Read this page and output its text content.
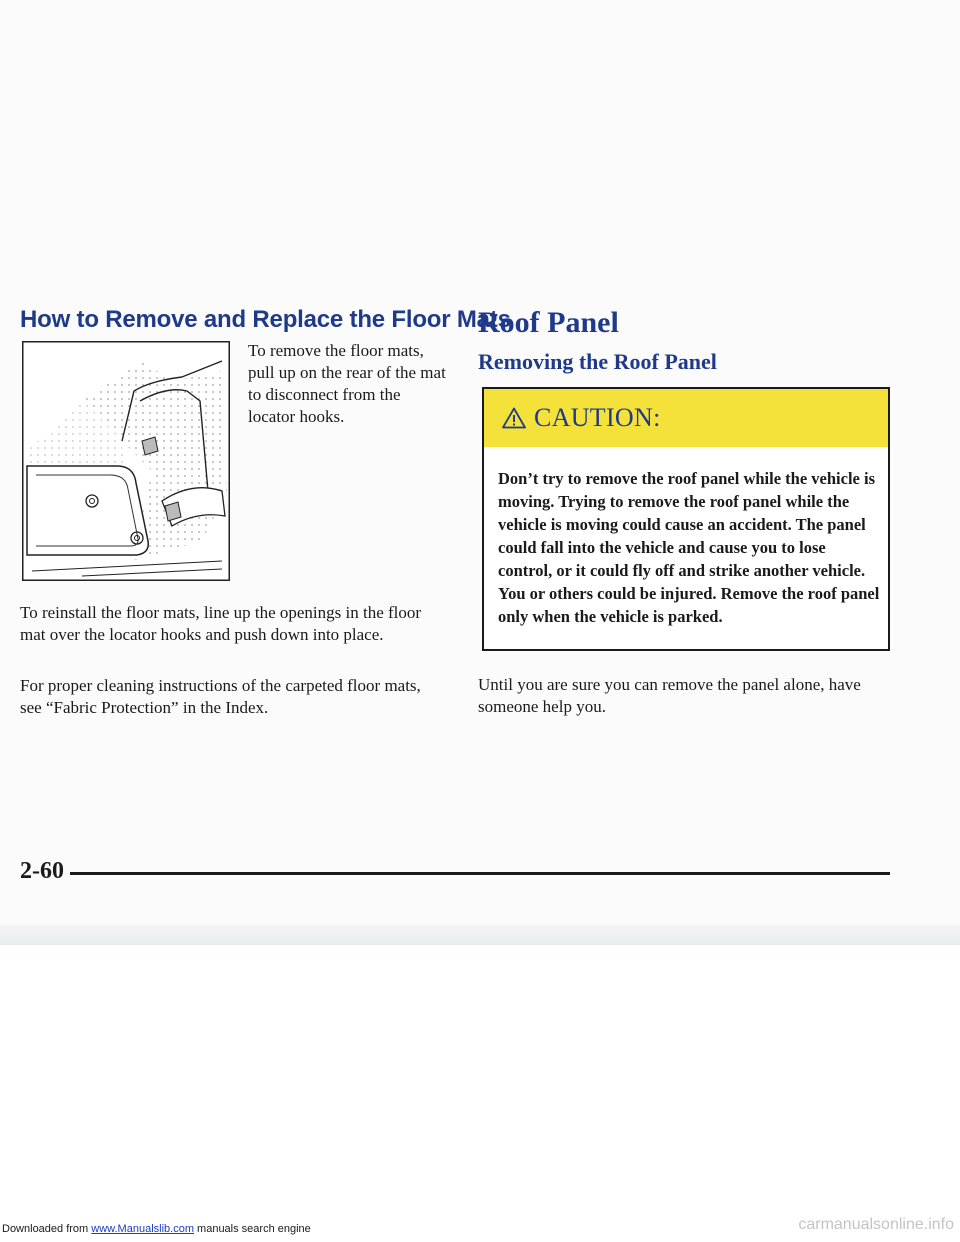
How to Remove and Replace the Floor Mats

To remove the floor mats, pull up on the rear of the mat to disconnect from the locator hooks.

To reinstall the floor mats, line up the openings in the floor mat over the locator hooks and push down into place.

For proper cleaning instructions of the carpeted floor mats, see “Fabric Protection” in the Index.

Roof Panel
Removing the Roof Panel
CAUTION:

Don’t try to remove the roof panel while the vehicle is moving. Trying to remove the roof panel while the vehicle is moving could cause an accident. The panel could fall into the vehicle and cause you to lose control, or it could fly off and strike another vehicle. You or others could be injured. Remove the roof panel only when the vehicle is parked.

Until you are sure you can remove the panel alone, have someone help you.

2-60

Downloaded from www.Manualslib.com manuals search engine	carmanualsonline.info
